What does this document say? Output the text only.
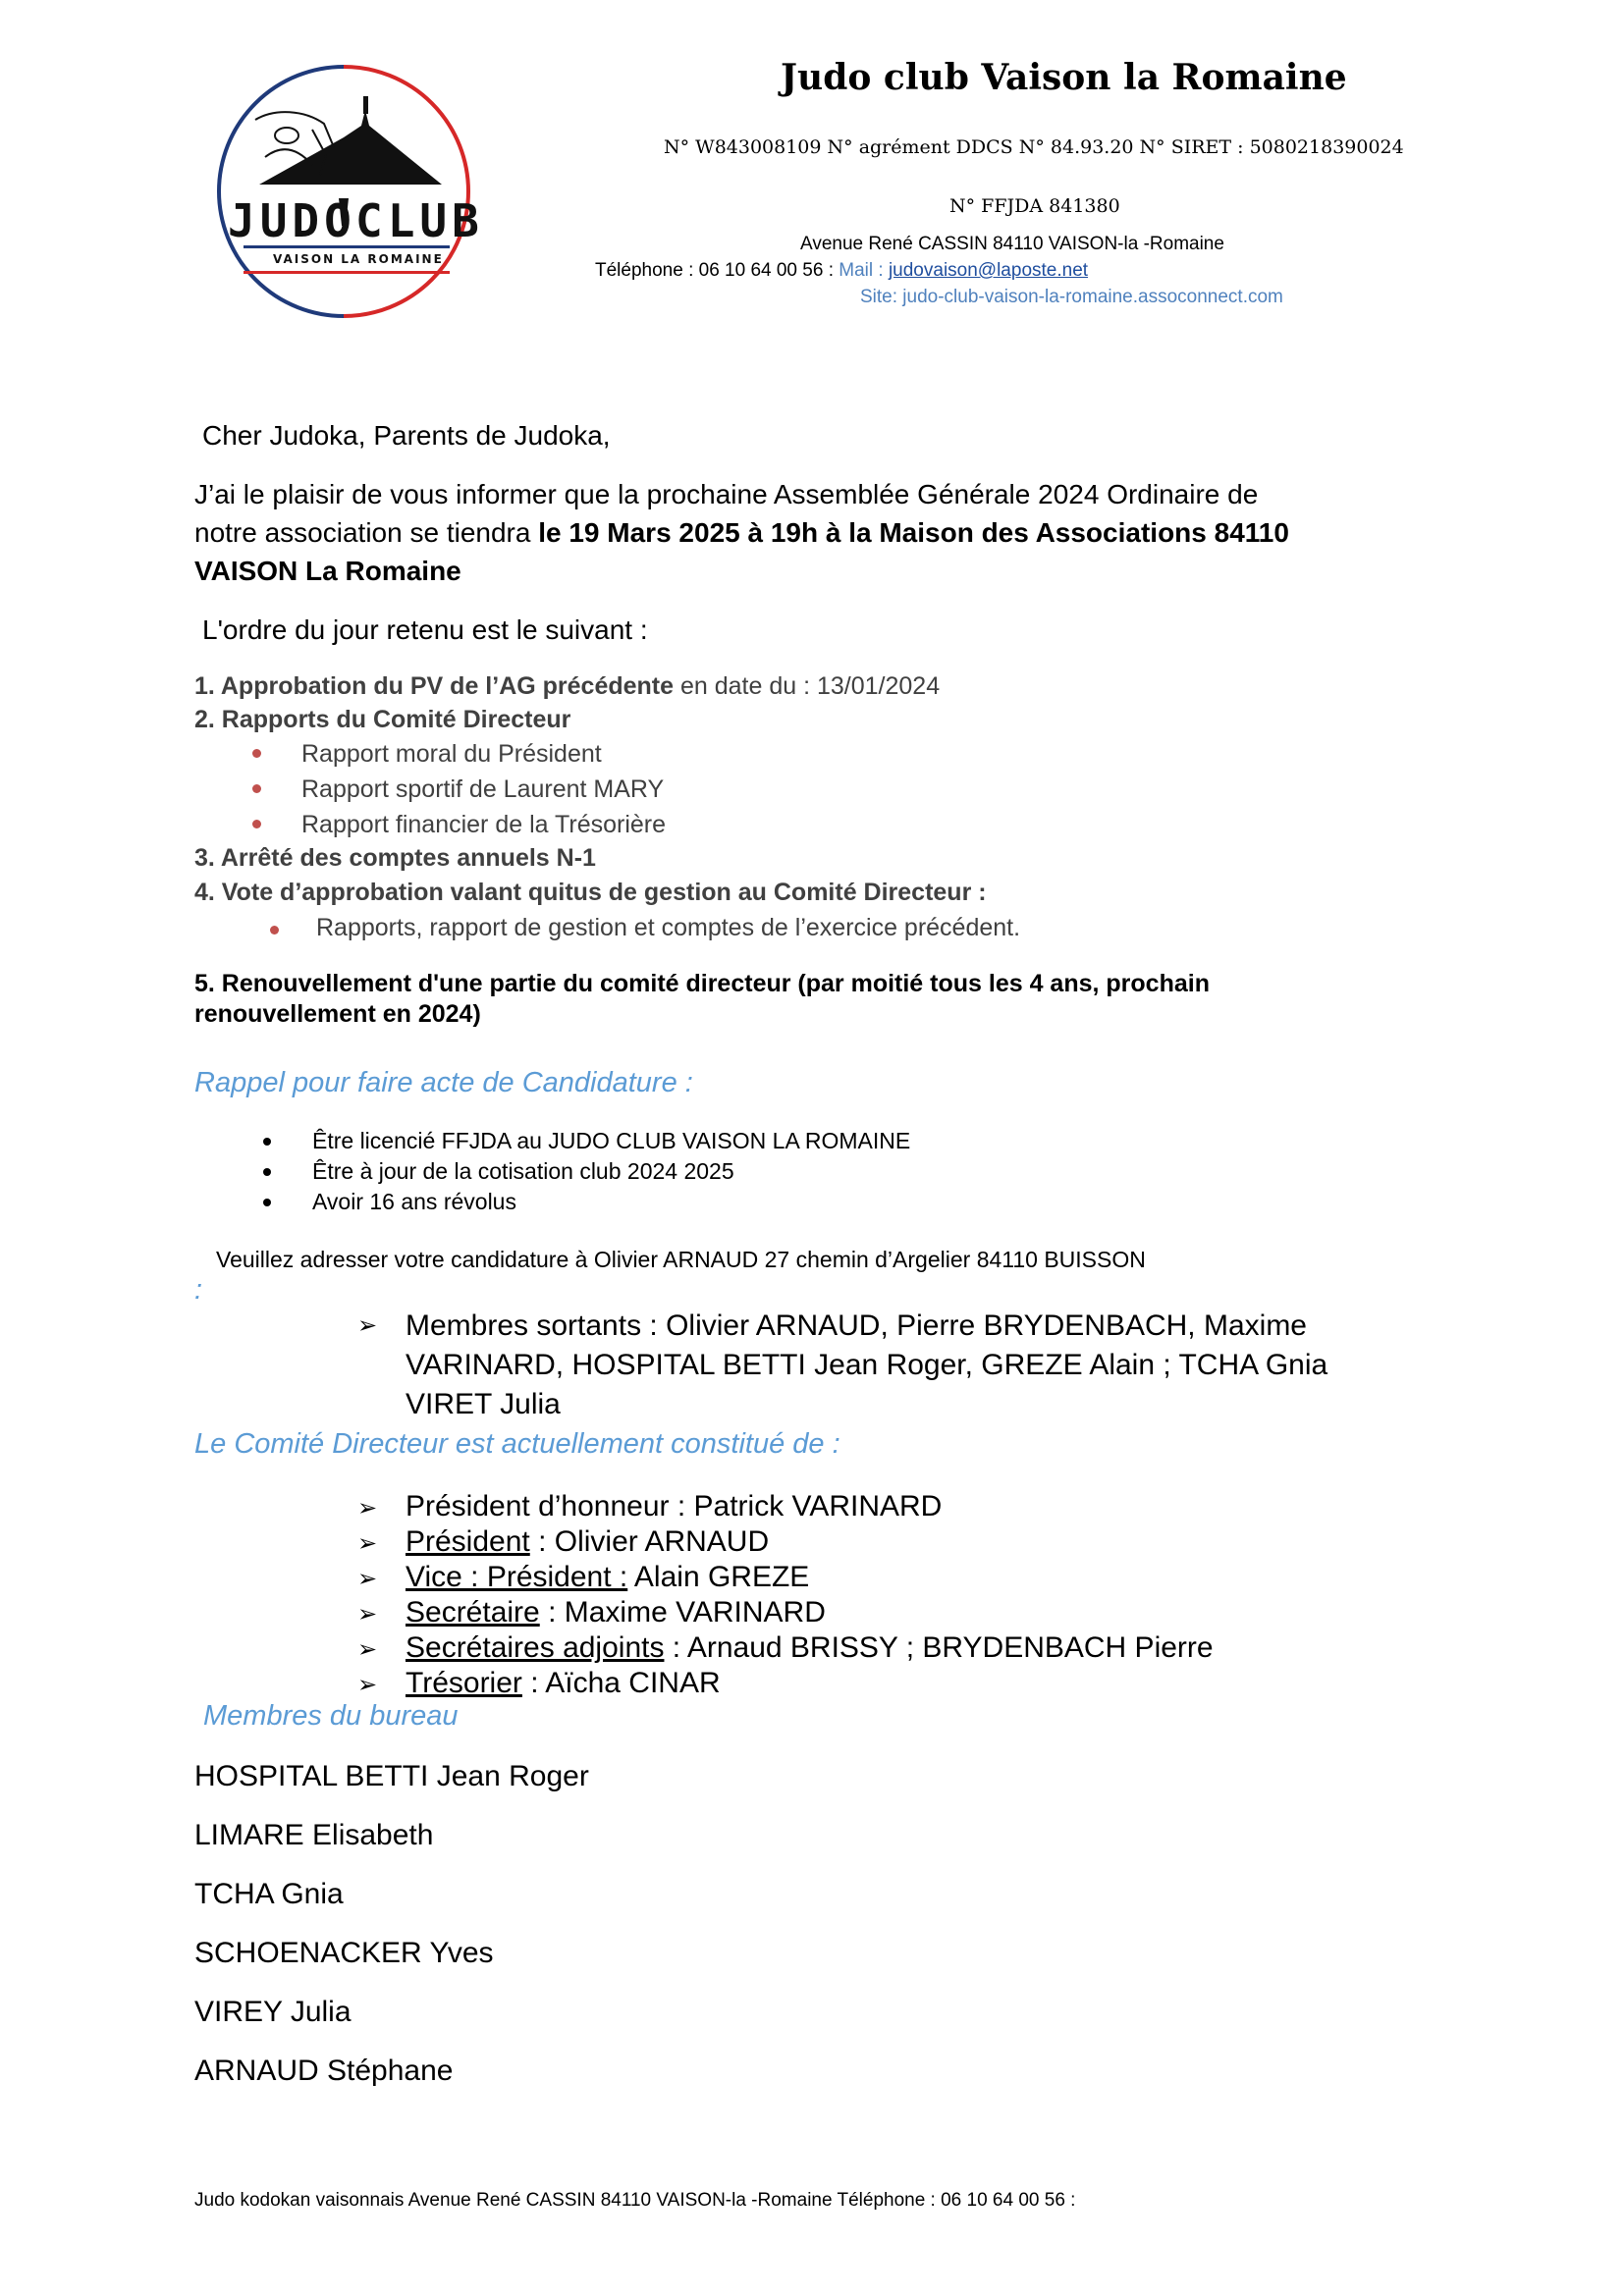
JUDO CLUB
VAISON LA ROMAINE
Judo club Vaison la Romaine
N° W843008109 N° agrément DDCS N° 84.93.20 N° SIRET : 5080218390024
N° FFJDA 841380
Avenue René CASSIN 84110 VAISON-la -Romaine
Téléphone : 06 10 64 00 56 : Mail : judovaison@laposte.net
Site: judo-club-vaison-la-romaine.assoconnect.com
Cher Judoka, Parents de Judoka,
J’ai le plaisir de vous informer que la prochaine Assemblée Générale 2024 Ordinaire de
notre association se tiendra le 19 Mars 2025 à 19h à la Maison des Associations 84110
VAISON La Romaine
L'ordre du jour retenu est le suivant :
1. Approbation du PV de l’AG précédente en date du : 13/01/2024
2. Rapports du Comité Directeur
Rapport moral du Président
Rapport sportif de Laurent MARY
Rapport financier de la Trésorière
3. Arrêté des comptes annuels N-1
4. Vote d’approbation valant quitus de gestion au Comité Directeur :
Rapports, rapport de gestion et comptes de l’exercice précédent.
5. Renouvellement d'une partie du comité directeur (par moitié tous les 4 ans, prochain
renouvellement en 2024)
Rappel pour faire acte de Candidature :
Être licencié FFJDA au JUDO CLUB VAISON LA ROMAINE
Être à jour de la cotisation club 2024 2025
Avoir 16 ans révolus
Veuillez adresser votre candidature à Olivier ARNAUD 27 chemin d’Argelier 84110 BUISSON
:
➢ Membres sortants : Olivier ARNAUD, Pierre BRYDENBACH, Maxime
VARINARD, HOSPITAL BETTI Jean Roger, GREZE Alain ; TCHA Gnia
VIRET Julia
Le Comité Directeur est actuellement constitué de :
➢ Président d’honneur : Patrick VARINARD
➢ Président : Olivier ARNAUD
➢ Vice : Président : Alain GREZE
➢ Secrétaire : Maxime VARINARD
➢ Secrétaires adjoints : Arnaud BRISSY ; BRYDENBACH Pierre
➢ Trésorier : Aïcha CINAR
Membres du bureau
HOSPITAL BETTI Jean Roger
LIMARE Elisabeth
TCHA Gnia
SCHOENACKER Yves
VIREY Julia
ARNAUD Stéphane
Judo kodokan vaisonnais Avenue René CASSIN 84110 VAISON-la -Romaine Téléphone : 06 10 64 00 56 :
